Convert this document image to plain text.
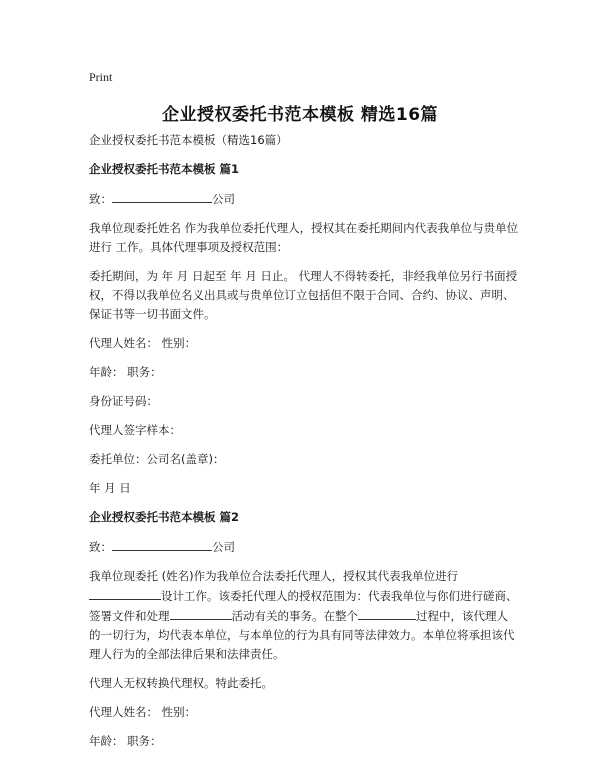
Print
企业授权委托书范本模板 精选16篇

企业授权委托书范本模板（精选16篇）

企业授权委托书范本模板 篇1

致：	公司

我单位现委托姓名 作为我单位委托代理人，授权其在委托期间内代表我单位与贵单位进行 工作。具体代理事项及授权范围：

委托期间，为 年 月 日起至 年 月 日止。 代理人不得转委托，非经我单位另行书面授权，不得以我单位名义出具或与贵单位订立包括但不限于合同、合约、协议、声明、保证书等一切书面文件。

代理人姓名： 性别：

年龄： 职务：

身份证号码：

代理人签字样本：

委托单位：公司名(盖章)：

年 月 日

企业授权委托书范本模板 篇2

致：	公司

我单位现委托 (姓名)作为我单位合法委托代理人，授权其代表我单位进行
设计工作。该委托代理人的授权范围为：代表我单位与你们进行磋商、签署文件和处理	活动有关的事务。在整个	过程中，该代理人的一切行为，均代表本单位，与本单位的行为具有同等法律效力。本单位将承担该代理人行为的全部法律后果和法律责任。

代理人无权转换代理权。特此委托。

代理人姓名： 性别：

年龄： 职务：
